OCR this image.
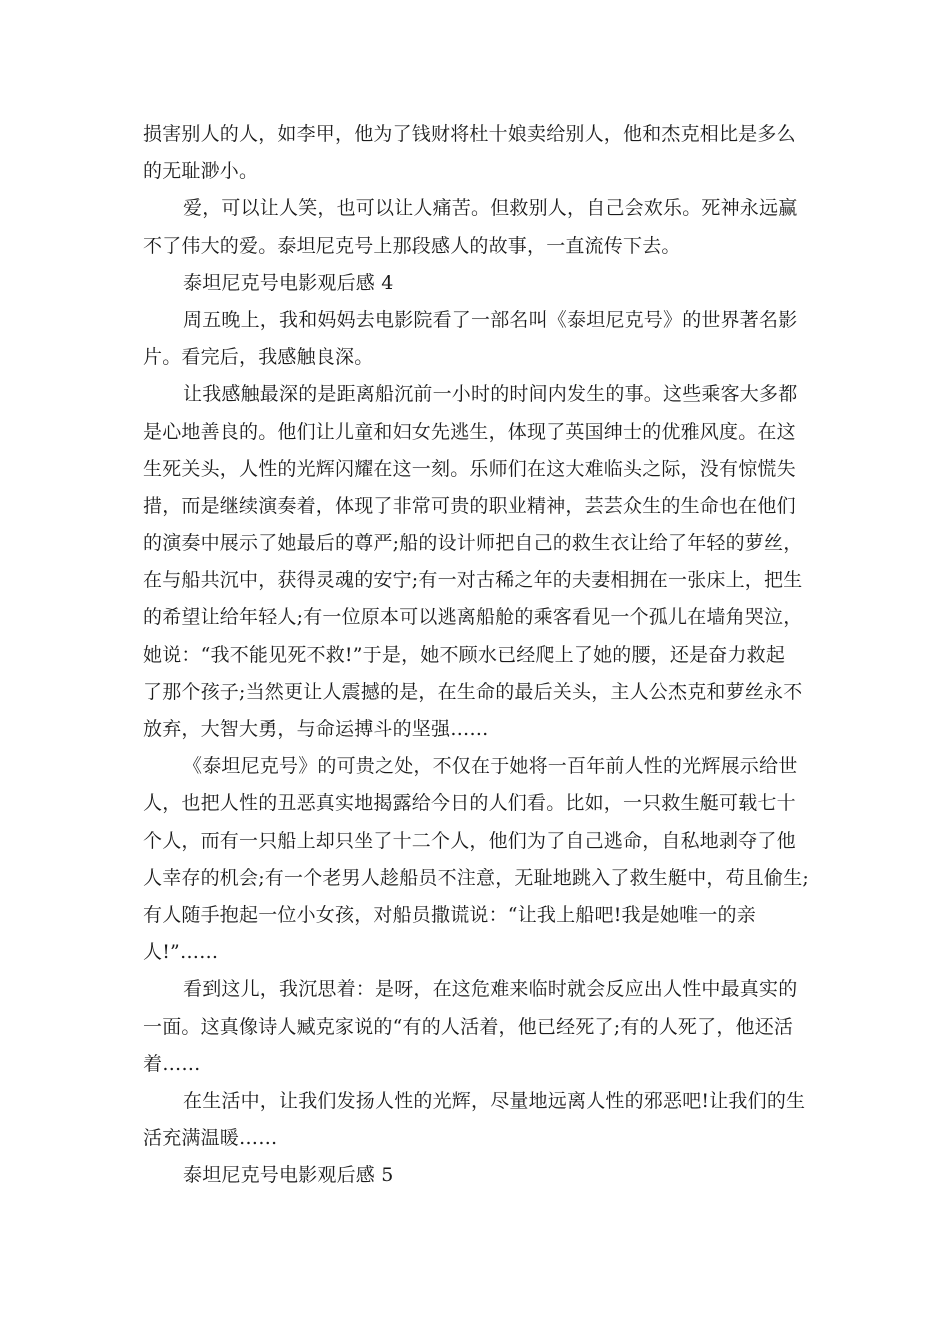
损害别人的人，如李甲，他为了钱财将杜十娘卖给别人，他和杰克相比是多么
的无耻渺小。
爱，可以让人笑，也可以让人痛苦。但救别人，自己会欢乐。死神永远赢
不了伟大的爱。泰坦尼克号上那段感人的故事，一直流传下去。
泰坦尼克号电影观后感 4
周五晚上，我和妈妈去电影院看了一部名叫《泰坦尼克号》的世界著名影
片。看完后，我感触良深。
让我感触最深的是距离船沉前一小时的时间内发生的事。这些乘客大多都
是心地善良的。他们让儿童和妇女先逃生，体现了英国绅士的优雅风度。在这
生死关头，人性的光辉闪耀在这一刻。乐师们在这大难临头之际，没有惊慌失
措，而是继续演奏着，体现了非常可贵的职业精神，芸芸众生的生命也在他们
的演奏中展示了她最后的尊严;船的设计师把自己的救生衣让给了年轻的萝丝，
在与船共沉中，获得灵魂的安宁;有一对古稀之年的夫妻相拥在一张床上，把生
的希望让给年轻人;有一位原本可以逃离船舱的乘客看见一个孤儿在墙角哭泣，
她说：“我不能见死不救!”于是，她不顾水已经爬上了她的腰，还是奋力救起
了那个孩子;当然更让人震撼的是，在生命的最后关头，主人公杰克和萝丝永不
放弃，大智大勇，与命运搏斗的坚强……
《泰坦尼克号》的可贵之处，不仅在于她将一百年前人性的光辉展示给世
人，也把人性的丑恶真实地揭露给今日的人们看。比如，一只救生艇可载七十
个人，而有一只船上却只坐了十二个人，他们为了自己逃命，自私地剥夺了他
人幸存的机会;有一个老男人趁船员不注意，无耻地跳入了救生艇中，苟且偷生;
有人随手抱起一位小女孩，对船员撒谎说：“让我上船吧!我是她唯一的亲
人!”……
看到这儿，我沉思着：是呀，在这危难来临时就会反应出人性中最真实的
一面。这真像诗人臧克家说的“有的人活着，他已经死了;有的人死了，他还活
着……
在生活中，让我们发扬人性的光辉，尽量地远离人性的邪恶吧!让我们的生
活充满温暖……
泰坦尼克号电影观后感 5
